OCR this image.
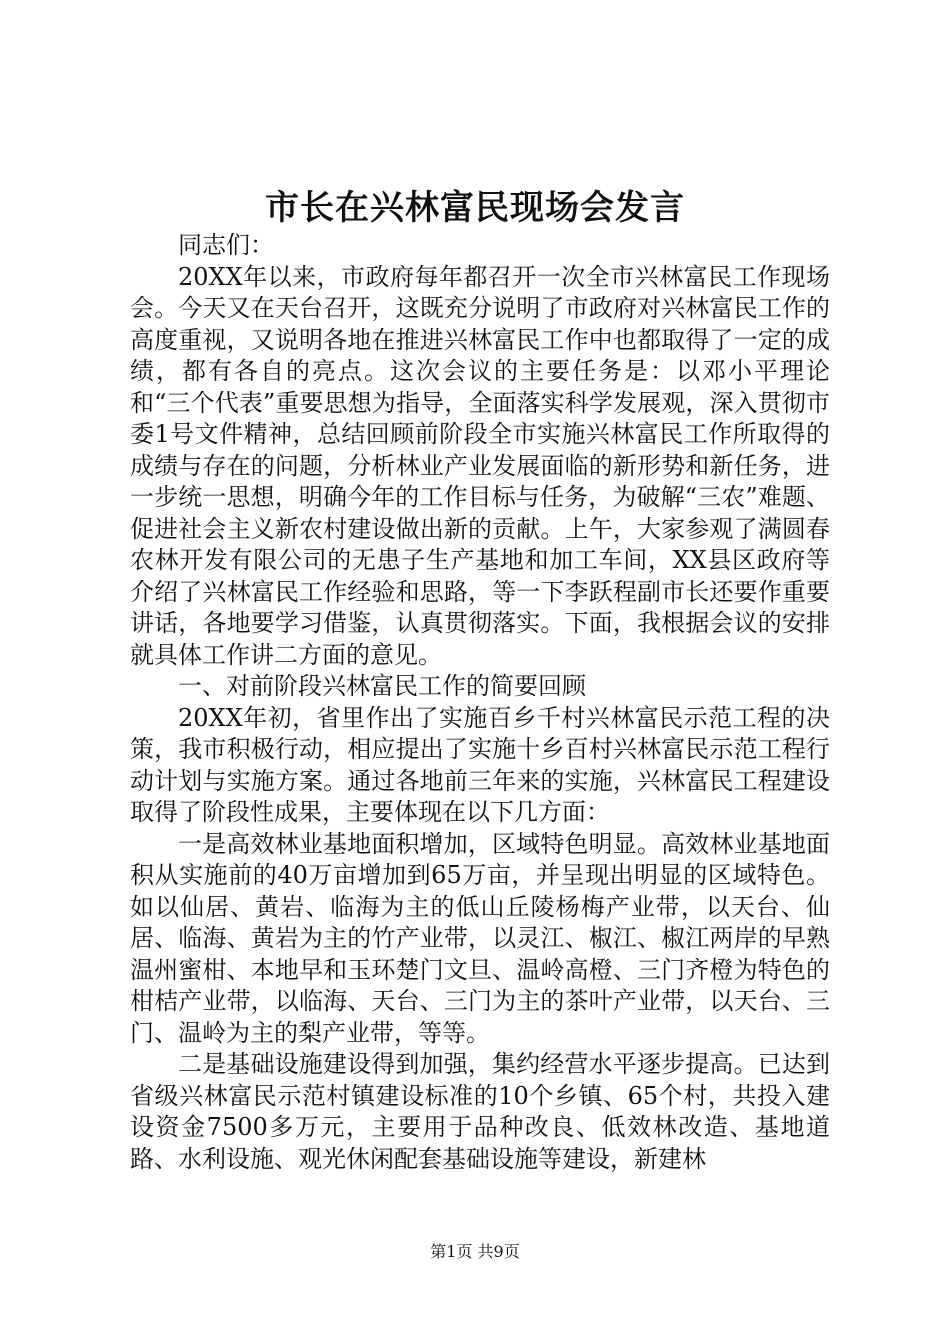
市长在兴林富民现场会发言

同志们：

20XX年以来，市政府每年都召开一次全市兴林富民工作现场会。今天又在天台召开，这既充分说明了市政府对兴林富民工作的高度重视，又说明各地在推进兴林富民工作中也都取得了一定的成绩，都有各自的亮点。这次会议的主要任务是：以邓小平理论和“三个代表”重要思想为指导，全面落实科学发展观，深入贯彻市委1号文件精神，总结回顾前阶段全市实施兴林富民工作所取得的成绩与存在的问题，分析林业产业发展面临的新形势和新任务，进一步统一思想，明确今年的工作目标与任务，为破解“三农”难题、促进社会主义新农村建设做出新的贡献。上午，大家参观了满圆春农林开发有限公司的无患子生产基地和加工车间，XX县区政府等介绍了兴林富民工作经验和思路，等一下李跃程副市长还要作重要讲话，各地要学习借鉴，认真贯彻落实。下面，我根据会议的安排就具体工作讲二方面的意见。

一、对前阶段兴林富民工作的简要回顾

20XX年初，省里作出了实施百乡千村兴林富民示范工程的决策，我市积极行动，相应提出了实施十乡百村兴林富民示范工程行动计划与实施方案。通过各地前三年来的实施，兴林富民工程建设取得了阶段性成果，主要体现在以下几方面：

一是高效林业基地面积增加，区域特色明显。高效林业基地面积从实施前的40万亩增加到65万亩，并呈现出明显的区域特色。如以仙居、黄岩、临海为主的低山丘陵杨梅产业带，以天台、仙居、临海、黄岩为主的竹产业带，以灵江、椒江、椒江两岸的早熟温州蜜柑、本地早和玉环楚门文旦、温岭高橙、三门齐橙为特色的柑桔产业带，以临海、天台、三门为主的茶叶产业带，以天台、三门、温岭为主的梨产业带，等等。

二是基础设施建设得到加强，集约经营水平逐步提高。已达到省级兴林富民示范村镇建设标准的10个乡镇、65个村，共投入建设资金7500多万元，主要用于品种改良、低效林改造、基地道路、水利设施、观光休闲配套基础设施等建设，新建林

第1页 共9页
